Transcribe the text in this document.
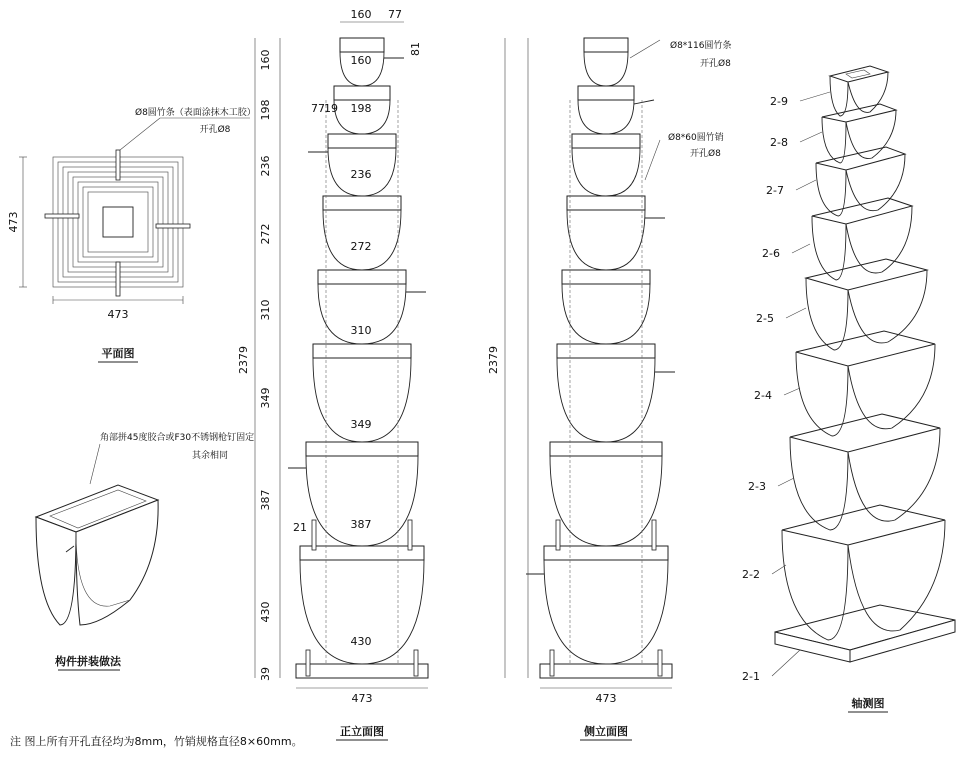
473
473
Ø8圆竹条（表面涂抹木工胶）
开孔Ø8
平面图
角部拼45度胶合或F30不锈钢枪钉固定
其余相同
构件拼装做法
160
198
236
272
310
349
387
430
160 77
77 19
21
81
160
198
236
272
310
349
387
430
39
2379
473
正立面图
Ø8*116圆竹条
开孔Ø8
Ø8*60圆竹销
开孔Ø8
2379
473
侧立面图
2-9
2-8
2-7
2-6
2-5
2-4
2-3
2-2
2-1
轴测图
注 图上所有开孔直径均为8mm，竹销规格直径8×60mm。
